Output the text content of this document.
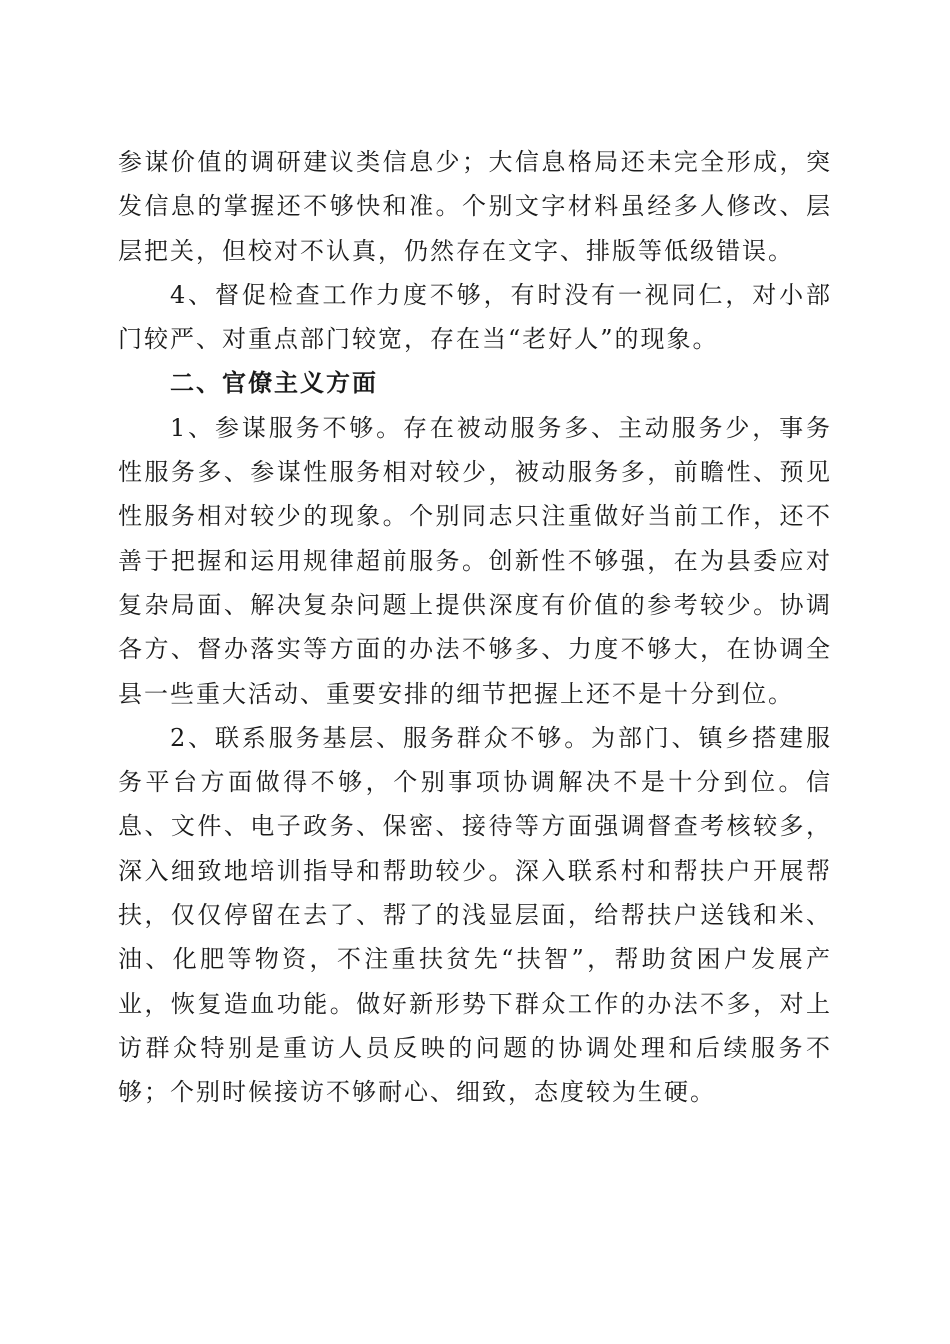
参谋价值的调研建议类信息少；大信息格局还未完全形成，突发信息的掌握还不够快和准。个别文字材料虽经多人修改、层层把关，但校对不认真，仍然存在文字、排版等低级错误。

4、督促检查工作力度不够，有时没有一视同仁，对小部门较严、对重点部门较宽，存在当“老好人”的现象。

二、官僚主义方面

1、参谋服务不够。存在被动服务多、主动服务少，事务性服务多、参谋性服务相对较少，被动服务多，前瞻性、预见性服务相对较少的现象。个别同志只注重做好当前工作，还不善于把握和运用规律超前服务。创新性不够强，在为县委应对复杂局面、解决复杂问题上提供深度有价值的参考较少。协调各方、督办落实等方面的办法不够多、力度不够大，在协调全县一些重大活动、重要安排的细节把握上还不是十分到位。

2、联系服务基层、服务群众不够。为部门、镇乡搭建服务平台方面做得不够，个别事项协调解决不是十分到位。信息、文件、电子政务、保密、接待等方面强调督查考核较多，深入细致地培训指导和帮助较少。深入联系村和帮扶户开展帮扶，仅仅停留在去了、帮了的浅显层面，给帮扶户送钱和米、油、化肥等物资，不注重扶贫先“扶智”，帮助贫困户发展产业，恢复造血功能。做好新形势下群众工作的办法不多，对上访群众特别是重访人员反映的问题的协调处理和后续服务不够；个别时候接访不够耐心、细致，态度较为生硬。
